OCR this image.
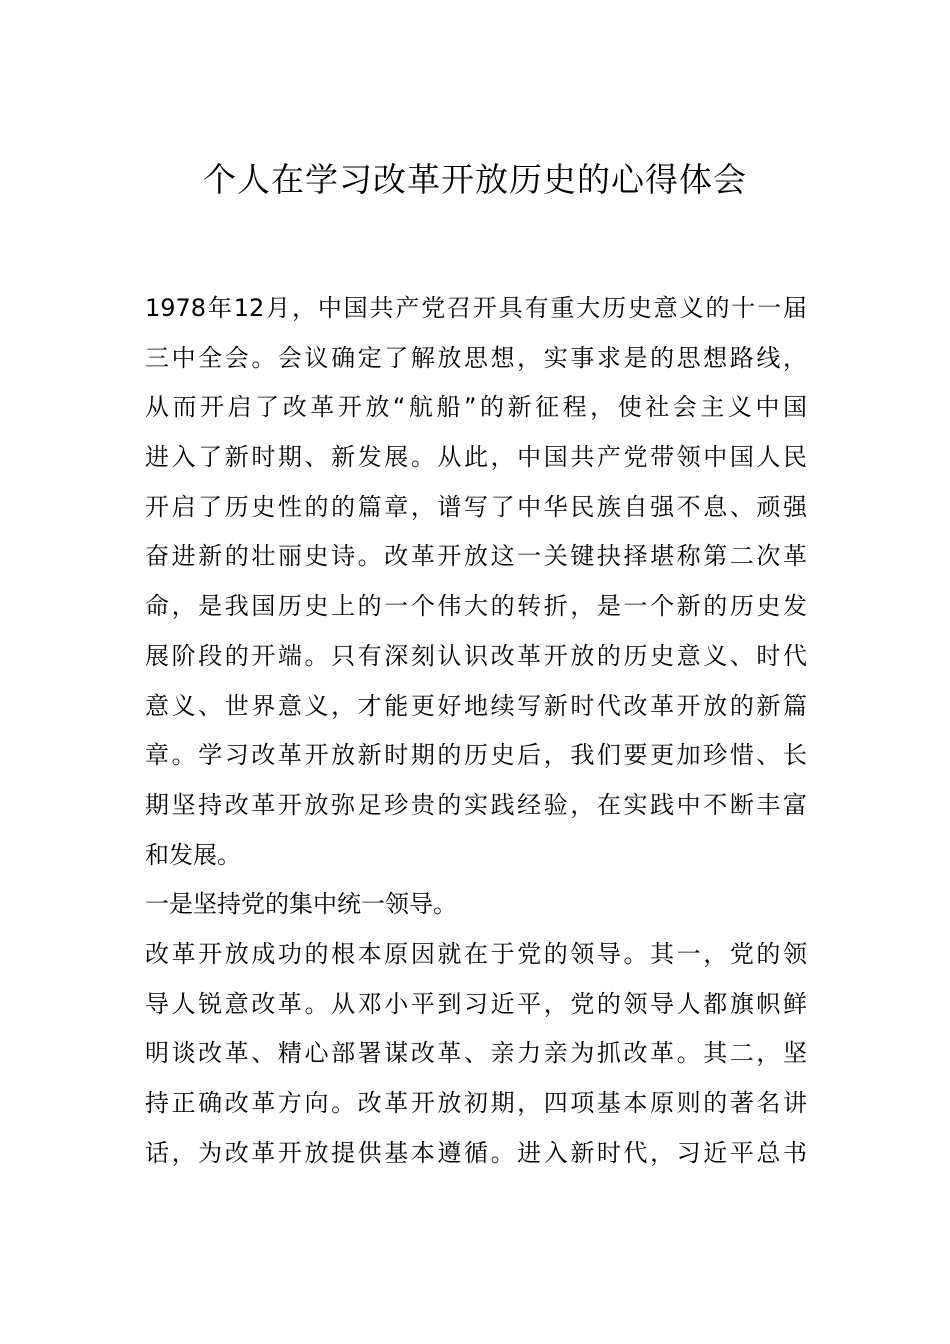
个人在学习改革开放历史的心得体会
1978年12月，中国共产党召开具有重大历史意义的十一届
三中全会。会议确定了解放思想，实事求是的思想路线，
从而开启了改革开放“航船”的新征程，使社会主义中国
进入了新时期、新发展。从此，中国共产党带领中国人民
开启了历史性的的篇章，谱写了中华民族自强不息、顽强
奋进新的壮丽史诗。改革开放这一关键抉择堪称第二次革
命，是我国历史上的一个伟大的转折，是一个新的历史发
展阶段的开端。只有深刻认识改革开放的历史意义、时代
意义、世界意义，才能更好地续写新时代改革开放的新篇
章。学习改革开放新时期的历史后，我们要更加珍惜、长
期坚持改革开放弥足珍贵的实践经验，在实践中不断丰富
和发展。
一是坚持党的集中统一领导。
改革开放成功的根本原因就在于党的领导。其一，党的领
导人锐意改革。从邓小平到习近平，党的领导人都旗帜鲜
明谈改革、精心部署谋改革、亲力亲为抓改革。其二，坚
持正确改革方向。改革开放初期，四项基本原则的著名讲
话，为改革开放提供基本遵循。进入新时代，习近平总书
